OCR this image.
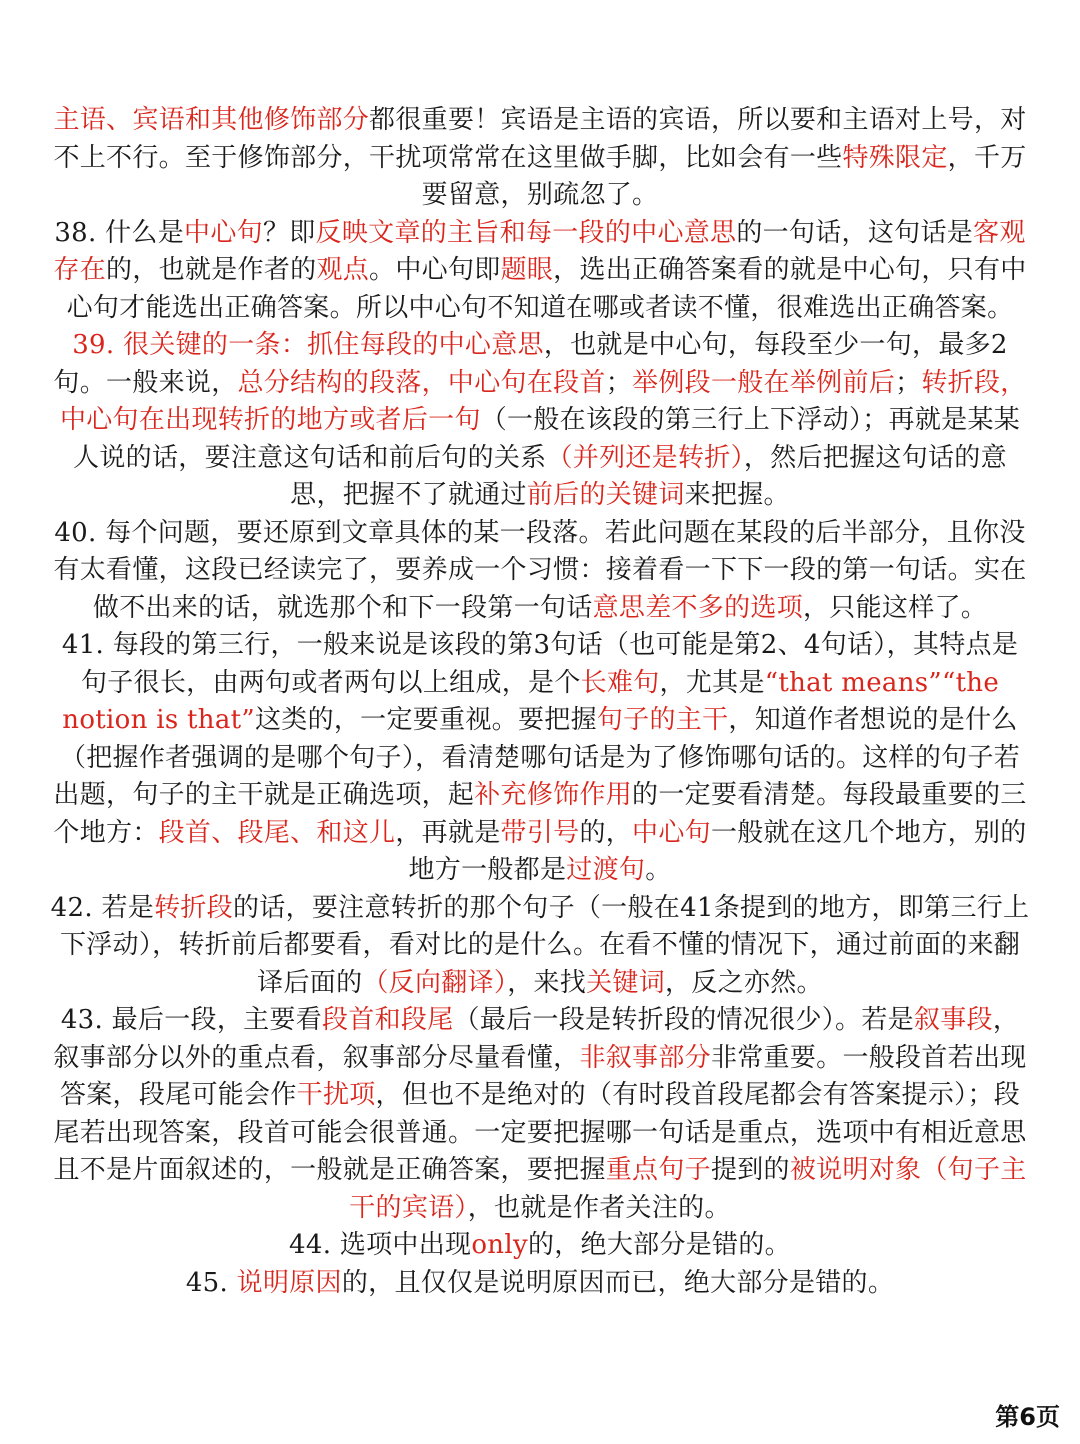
主语、宾语和其他修饰部分都很重要！宾语是主语的宾语，所以要和主语对上号，对不上不行。至于修饰部分，干扰项常常在这里做手脚，比如会有一些特殊限定，千万要留意，别疏忽了。

38. 什么是中心句？即反映文章的主旨和每一段的中心意思的一句话，这句话是客观存在的，也就是作者的观点。中心句即题眼，选出正确答案看的就是中心句，只有中心句才能选出正确答案。所以中心句不知道在哪或者读不懂，很难选出正确答案。

39. 很关键的一条：抓住每段的中心意思，也就是中心句，每段至少一句，最多2句。一般来说，总分结构的段落，中心句在段首；举例段一般在举例前后；转折段，中心句在出现转折的地方或者后一句（一般在该段的第三行上下浮动）；再就是某某人说的话，要注意这句话和前后句的关系（并列还是转折），然后把握这句话的意思，把握不了就通过前后的关键词来把握。

40. 每个问题，要还原到文章具体的某一段落。若此问题在某段的后半部分，且你没有太看懂，这段已经读完了，要养成一个习惯：接着看一下下一段的第一句话。实在做不出来的话，就选那个和下一段第一句话意思差不多的选项，只能这样了。

41. 每段的第三行，一般来说是该段的第3句话（也可能是第2、4句话），其特点是句子很长，由两句或者两句以上组成，是个长难句，尤其是“that means”“the notion is that”这类的，一定要重视。要把握句子的主干，知道作者想说的是什么（把握作者强调的是哪个句子），看清楚哪句话是为了修饰哪句话的。这样的句子若出题，句子的主干就是正确选项，起补充修饰作用的一定要看清楚。每段最重要的三个地方：段首、段尾、和这儿，再就是带引号的，中心句一般就在这几个地方，别的地方一般都是过渡句。

42. 若是转折段的话，要注意转折的那个句子（一般在41条提到的地方，即第三行上下浮动），转折前后都要看，看对比的是什么。在看不懂的情况下，通过前面的来翻译后面的（反向翻译），来找关键词，反之亦然。

43. 最后一段，主要看段首和段尾（最后一段是转折段的情况很少）。若是叙事段，叙事部分以外的重点看，叙事部分尽量看懂，非叙事部分非常重要。一般段首若出现答案，段尾可能会作干扰项，但也不是绝对的（有时段首段尾都会有答案提示）；段尾若出现答案，段首可能会很普通。一定要把握哪一句话是重点，选项中有相近意思且不是片面叙述的，一般就是正确答案，要把握重点句子提到的被说明对象（句子主干的宾语），也就是作者关注的。

44. 选项中出现only的，绝大部分是错的。

45. 说明原因的，且仅仅是说明原因而已，绝大部分是错的。

第6页
